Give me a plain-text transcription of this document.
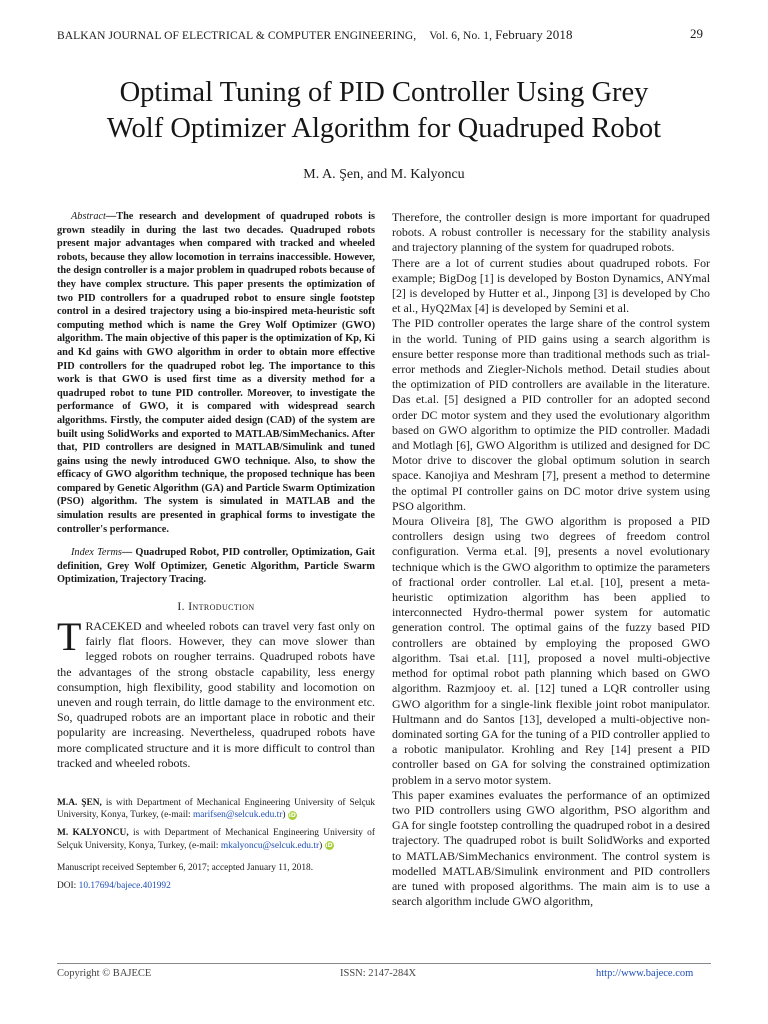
BALKAN JOURNAL OF ELECTRICAL & COMPUTER ENGINEERING, Vol. 6, No. 1, February 2018	29
Optimal Tuning of PID Controller Using Grey
Wolf Optimizer Algorithm for Quadruped Robot
M. A. Şen, and M. Kalyoncu

Abstract—The research and development of quadruped robots is grown steadily in during the last two decades. Quadruped robots present major advantages when compared with tracked and wheeled robots, because they allow locomotion in terrains inaccessible. However, the design controller is a major problem in quadruped robots because of they have complex structure. This paper presents the optimization of two PID controllers for a quadruped robot to ensure single footstep control in a desired trajectory using a bio-inspired meta-heuristic soft computing method which is name the Grey Wolf Optimizer (GWO) algorithm. The main objective of this paper is the optimization of Kp, Ki and Kd gains with GWO algorithm in order to obtain more effective PID controllers for the quadruped robot leg. The importance to this work is that GWO is used first time as a diversity method for a quadruped robot to tune PID controller. Moreover, to investigate the performance of GWO, it is compared with widespread search algorithms. Firstly, the computer aided design (CAD) of the system are built using SolidWorks and exported to MATLAB/SimMechanics. After that, PID controllers are designed in MATLAB/Simulink and tuned gains using the newly introduced GWO technique. Also, to show the efficacy of GWO algorithm technique, the proposed technique has been compared by Genetic Algorithm (GA) and Particle Swarm Optimization (PSO) algorithm. The system is simulated in MATLAB and the simulation results are presented in graphical forms to investigate the controller's performance.

Index Terms— Quadruped Robot, PID controller, Optimization, Gait definition, Grey Wolf Optimizer, Genetic Algorithm, Particle Swarm Optimization, Trajectory Tracing.

I. Introduction

TRACEKED and wheeled robots can travel very fast only on fairly flat floors. However, they can move slower than legged robots on rougher terrains. Quadruped robots have the advantages of the strong obstacle capability, less energy consumption, high flexibility, good stability and locomotion on uneven and rough terrain, do little damage to the environment etc. So, quadruped robots are an important place in robotic and their popularity are increasing. Nevertheless, quadruped robots have more complicated structure and it is more difficult to control than tracked and wheeled robots.

M.A. ŞEN, is with Department of Mechanical Engineering University of Selçuk University, Konya, Turkey, (e-mail: marifsen@selcuk.edu.tr) iD

M. KALYONCU, is with Department of Mechanical Engineering University of Selçuk University, Konya, Turkey, (e-mail: mkalyoncu@selcuk.edu.tr) iD

Manuscript received September 6, 2017; accepted January 11, 2018.

DOI: 10.17694/bajece.401992

Therefore, the controller design is more important for quadruped robots. A robust controller is necessary for the stability analysis and trajectory planning of the system for quadruped robots.

There are a lot of current studies about quadruped robots. For example; BigDog [1] is developed by Boston Dynamics, ANYmal [2] is developed by Hutter et al., Jinpong [3] is developed by Cho et al., HyQ2Max [4] is developed by Semini et al.

The PID controller operates the large share of the control system in the world. Tuning of PID gains using a search algorithm is ensure better response more than traditional methods such as trial-error methods and Ziegler-Nichols method. Detail studies about the optimization of PID controllers are available in the literature. Das et.al. [5] designed a PID controller for an adopted second order DC motor system and they used the evolutionary algorithm based on GWO algorithm to optimize the PID controller. Madadi and Motlagh [6], GWO Algorithm is utilized and designed for DC Motor drive to discover the global optimum solution in search space. Kanojiya and Meshram [7], present a method to determine the optimal PI controller gains on DC motor drive system using PSO algorithm.

Moura Oliveira [8], The GWO algorithm is proposed a PID controllers design using two degrees of freedom control configuration. Verma et.al. [9], presents a novel evolutionary technique which is the GWO algorithm to optimize the parameters of fractional order controller. Lal et.al. [10], present a meta-heuristic optimization algorithm has been applied to interconnected Hydro-thermal power system for automatic generation control. The optimal gains of the fuzzy based PID controllers are obtained by employing the proposed GWO algorithm. Tsai et.al. [11], proposed a novel multi-objective method for optimal robot path planning which based on GWO algorithm. Razmjooy et. al. [12] tuned a LQR controller using GWO algorithm for a single-link flexible joint robot manipulator. Hultmann and do Santos [13], developed a multi-objective non-dominated sorting GA for the tuning of a PID controller applied to a robotic manipulator. Krohling and Rey [14] present a PID controller based on GA for solving the constrained optimization problem in a servo motor system.

This paper examines evaluates the performance of an optimized two PID controllers using GWO algorithm, PSO algorithm and GA for single footstep controlling the quadruped robot in a desired trajectory. The quadruped robot is built SolidWorks and exported to MATLAB/SimMechanics environment. The control system is modelled MATLAB/Simulink environment and PID controllers are tuned with proposed algorithms. The main aim is to use a search algorithm include GWO algorithm,

Copyright © BAJECE	ISSN: 2147-284X	http://www.bajece.com
